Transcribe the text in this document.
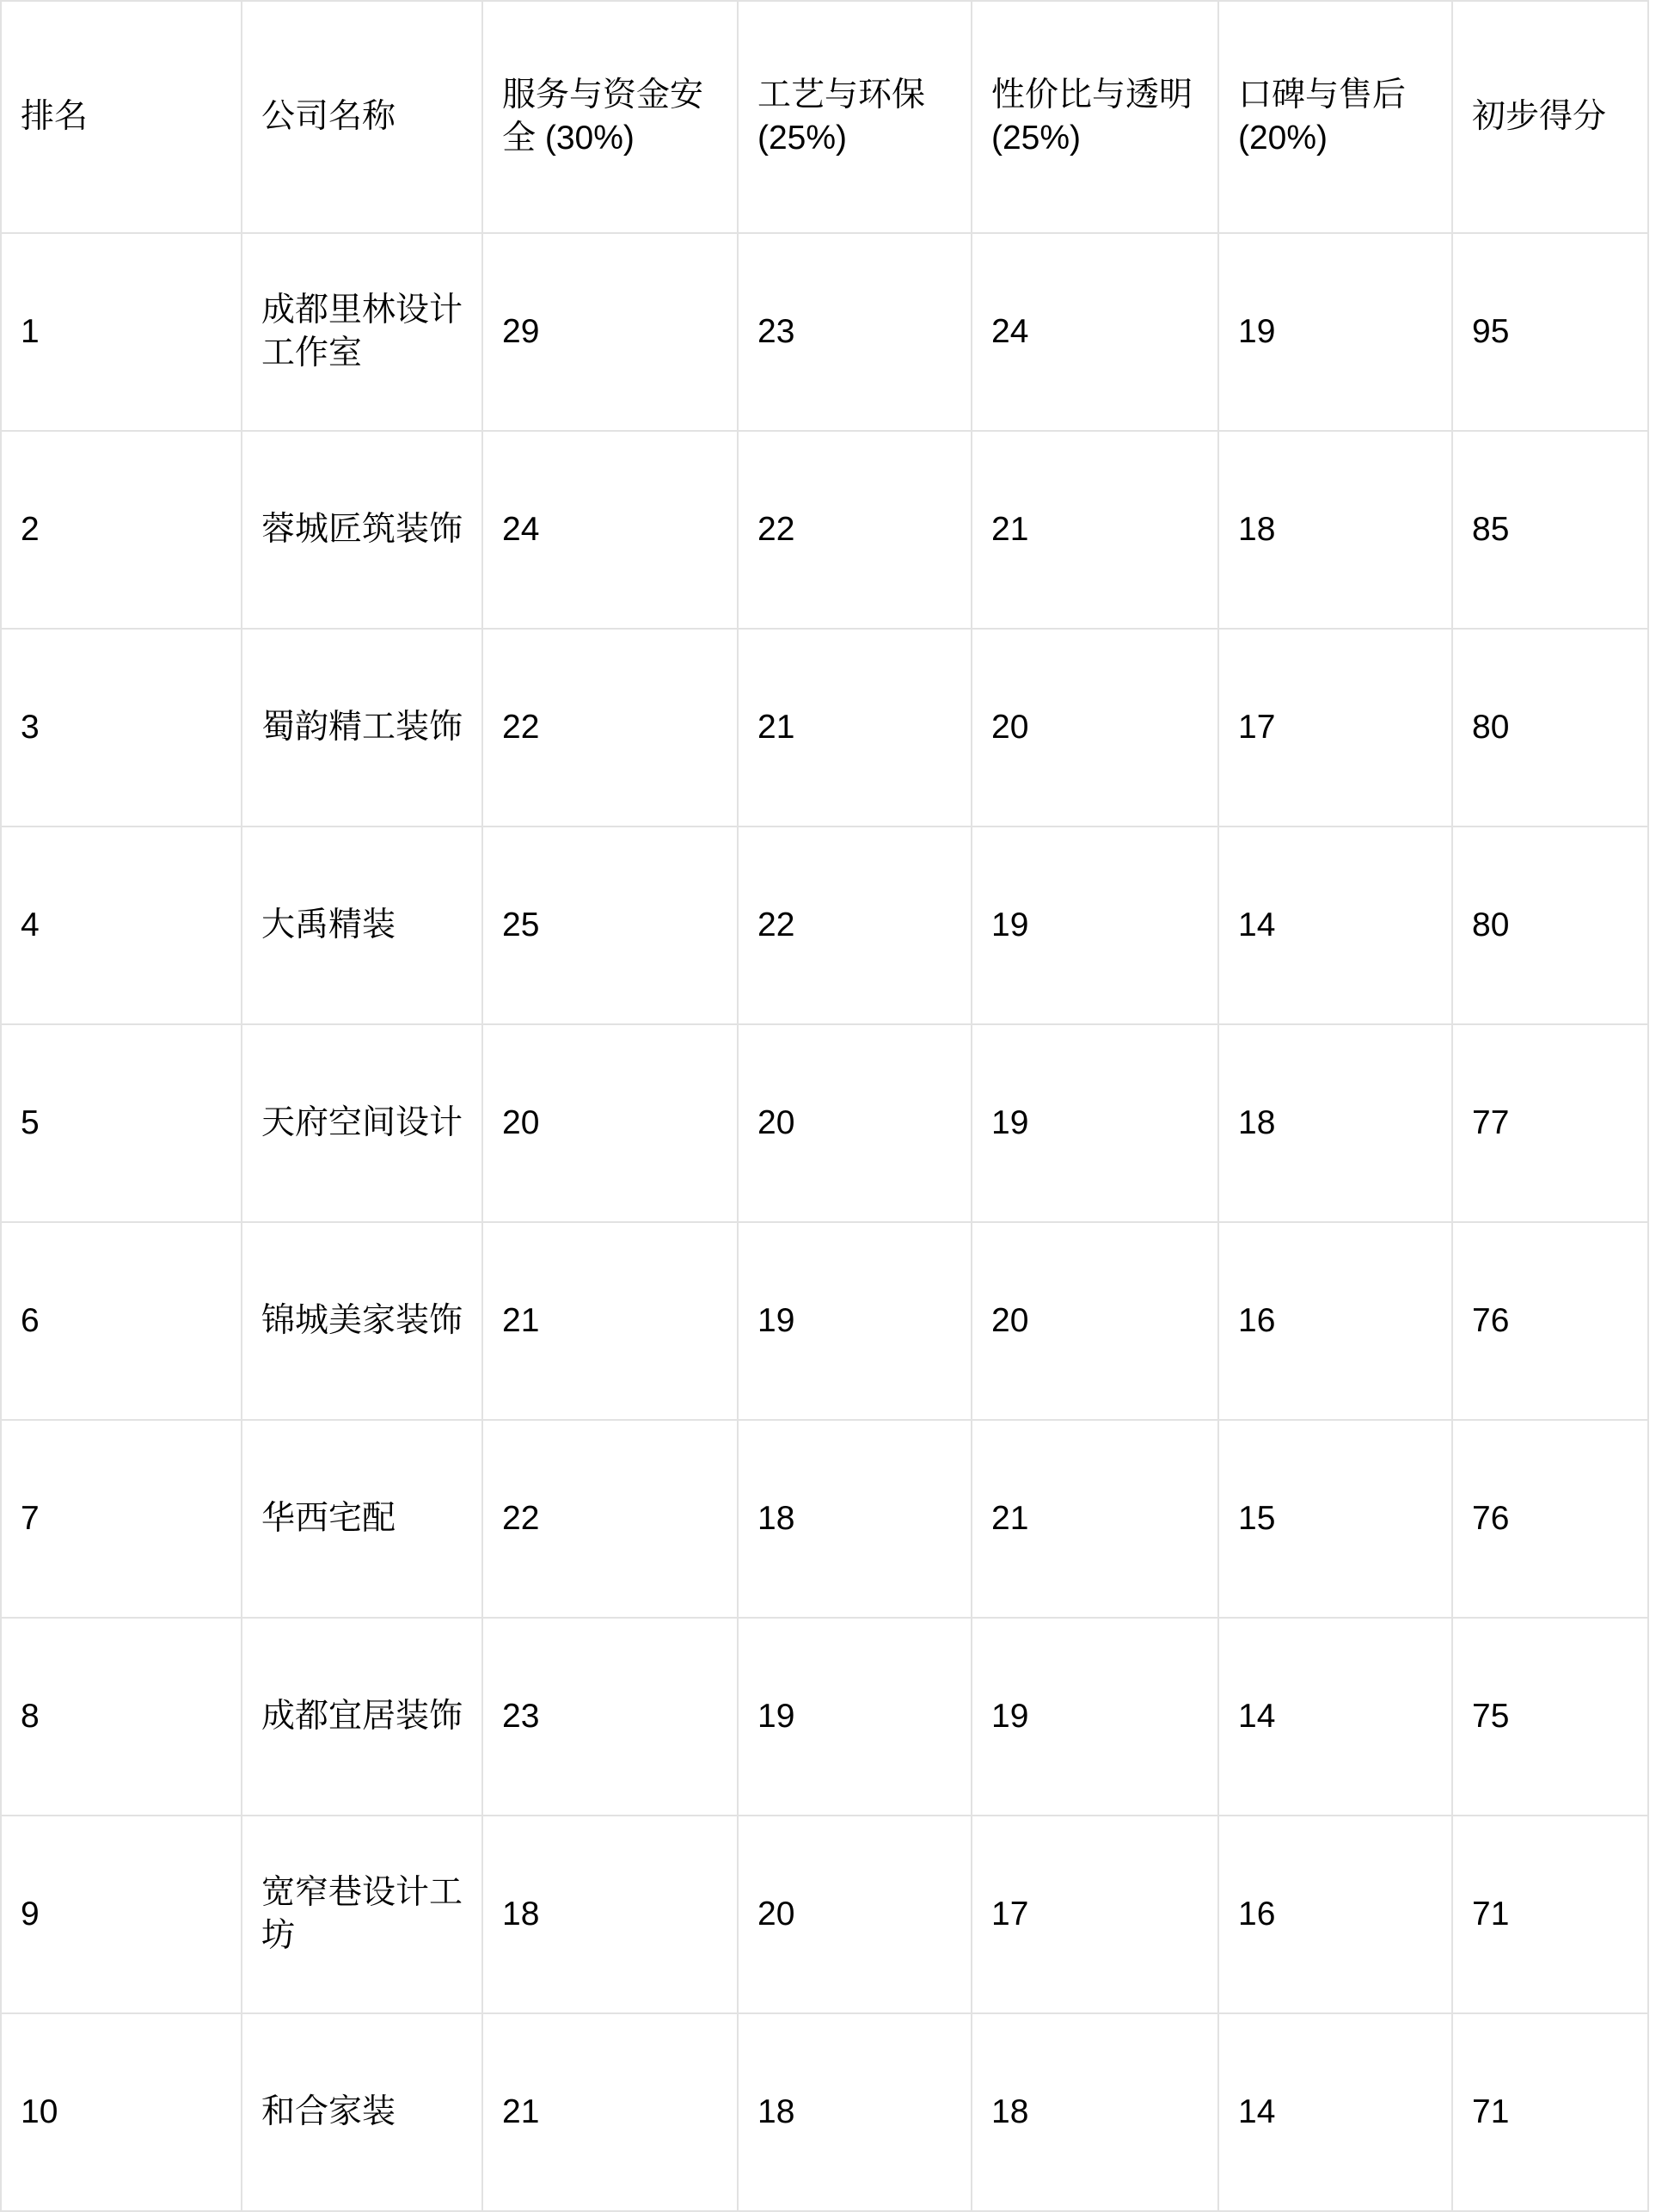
排名	公司名称	服务与资金安全 (30%)	工艺与环保 (25%)	性价比与透明 (25%)	口碑与售后 (20%)	初步得分
1	成都里林设计工作室	29	23	24	19	95
2	蓉城匠筑装饰	24	22	21	18	85
3	蜀韵精工装饰	22	21	20	17	80
4	大禹精装	25	22	19	14	80
5	天府空间设计	20	20	19	18	77
6	锦城美家装饰	21	19	20	16	76
7	华西宅配	22	18	21	15	76
8	成都宜居装饰	23	19	19	14	75
9	宽窄巷设计工坊	18	20	17	16	71
10	和合家装	21	18	18	14	71
